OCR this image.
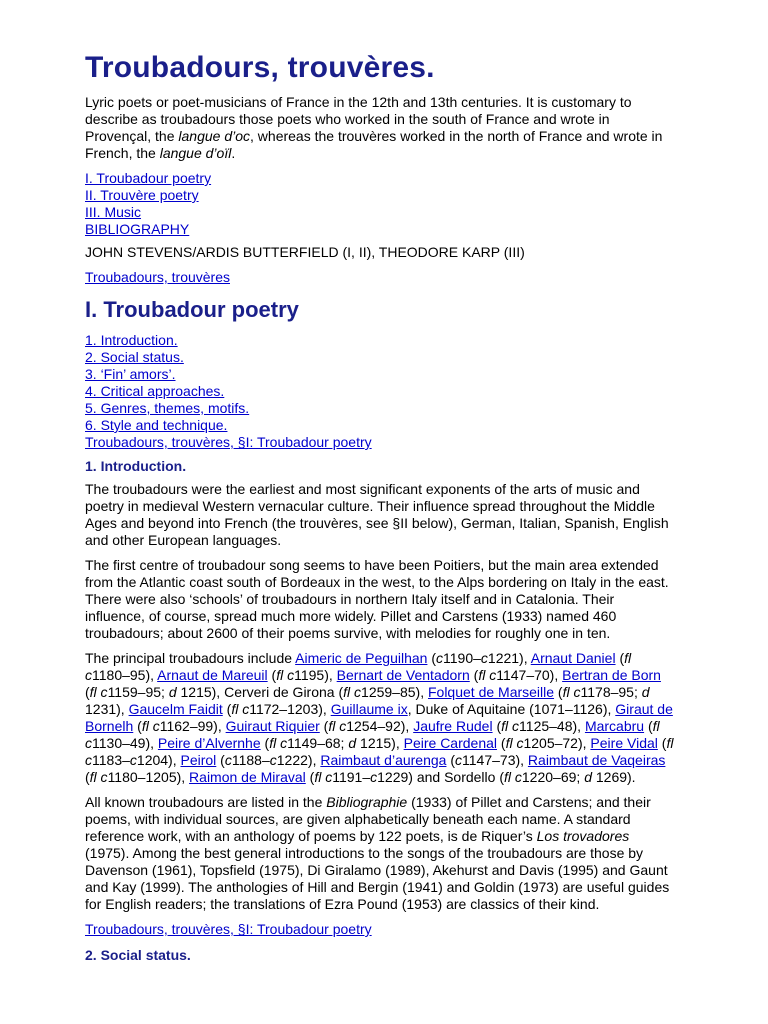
Troubadours, trouvères.

Lyric poets or poet-musicians of France in the 12th and 13th centuries. It is customary to describe as troubadours those poets who worked in the south of France and wrote in Provençal, the langue d’oc, whereas the trouvères worked in the north of France and wrote in French, the langue d’oïl.

I. Troubadour poetry
II. Trouvère poetry
III. Music
BIBLIOGRAPHY
JOHN STEVENS/ARDIS BUTTERFIELD (I, II), THEODORE KARP (III)
Troubadours, trouvères
I. Troubadour poetry
1. Introduction.
2. Social status.
3. ‘Fin’ amors’.
4. Critical approaches.
5. Genres, themes, motifs.
6. Style and technique.
Troubadours, trouvères, §I: Troubadour poetry
1. Introduction.

The troubadours were the earliest and most significant exponents of the arts of music and poetry in medieval Western vernacular culture. Their influence spread throughout the Middle Ages and beyond into French (the trouvères, see §II below), German, Italian, Spanish, English and other European languages.

The first centre of troubadour song seems to have been Poitiers, but the main area extended from the Atlantic coast south of Bordeaux in the west, to the Alps bordering on Italy in the east. There were also ‘schools’ of troubadours in northern Italy itself and in Catalonia. Their influence, of course, spread much more widely. Pillet and Carstens (1933) named 460 troubadours; about 2600 of their poems survive, with melodies for roughly one in ten.

The principal troubadours include Aimeric de Peguilhan (c1190–c1221), Arnaut Daniel (fl c1180–95), Arnaut de Mareuil (fl c1195), Bernart de Ventadorn (fl c1147–70), Bertran de Born (fl c1159–95; d 1215), Cerveri de Girona (fl c1259–85), Folquet de Marseille (fl c1178–95; d 1231), Gaucelm Faidit (fl c1172–1203), Guillaume ix, Duke of Aquitaine (1071–1126), Giraut de Bornelh (fl c1162–99), Guiraut Riquier (fl c1254–92), Jaufre Rudel (fl c1125–48), Marcabru (fl c1130–49), Peire d’Alvernhe (fl c1149–68; d 1215), Peire Cardenal (fl c1205–72), Peire Vidal (fl c1183–c1204), Peirol (c1188–c1222), Raimbaut d’aurenga (c1147–73), Raimbaut de Vaqeiras (fl c1180–1205), Raimon de Miraval (fl c1191–c1229) and Sordello (fl c1220–69; d 1269).

All known troubadours are listed in the Bibliographie (1933) of Pillet and Carstens; and their poems, with individual sources, are given alphabetically beneath each name. A standard reference work, with an anthology of poems by 122 poets, is de Riquer’s Los trovadores (1975). Among the best general introductions to the songs of the troubadours are those by Davenson (1961), Topsfield (1975), Di Giralamo (1989), Akehurst and Davis (1995) and Gaunt and Kay (1999). The anthologies of Hill and Bergin (1941) and Goldin (1973) are useful guides for English readers; the translations of Ezra Pound (1953) are classics of their kind.

Troubadours, trouvères, §I: Troubadour poetry
2. Social status.
